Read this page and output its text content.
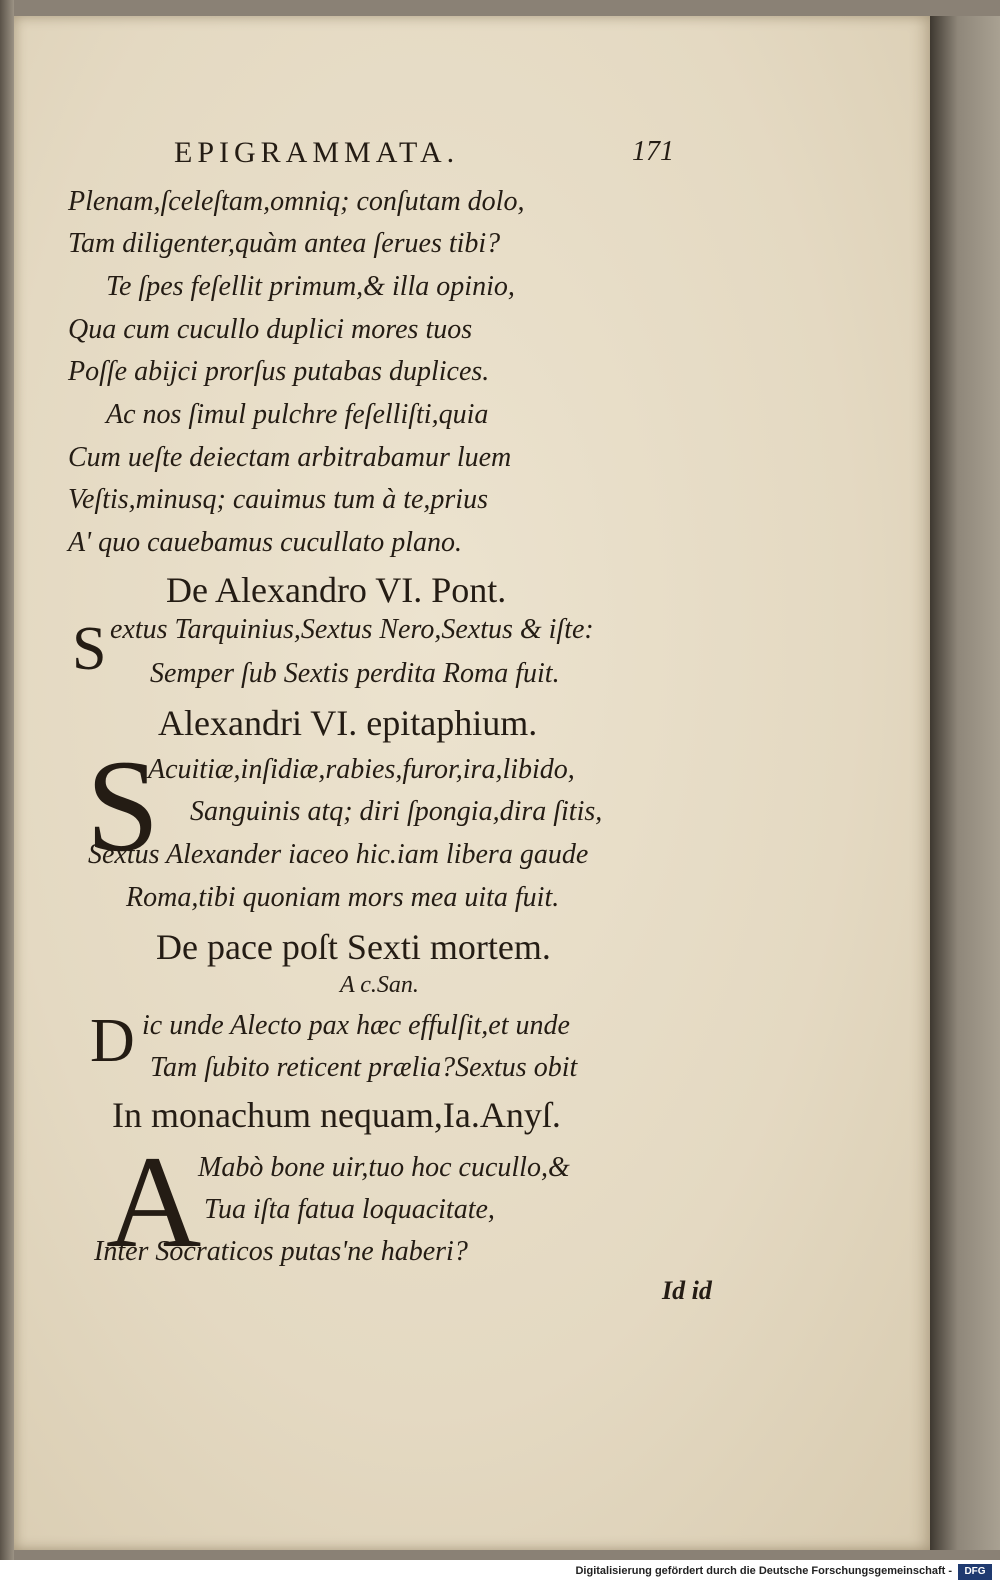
EPIGRAMMATA.	171
Plenam,ſceleſtam,omniq; conſutam dolo,
Tam diligenter,quàm antea ſerues tibi?
Te ſpes feſellit primum,& illa opinio,
Qua cum cucullo duplici mores tuos
Poſſe abijci prorſus putabas duplices.
Ac nos ſimul pulchre feſelliſti,quia
Cum ueſte deiectam arbitrabamur luem
Veſtis,minusq; cauimus tum à te,prius
A' quo cauebamus cucullato plano.
De Alexandro VI. Pont.
S extus Tarquinius,Sextus Nero,Sextus & iſte:
Semper ſub Sextis perdita Roma fuit.
Alexandri VI. epitaphium.
S
Acuitiæ,inſidiæ,rabies,furor,ira,libido,
Sanguinis atq; diri ſpongia,dira ſitis,
Sextus Alexander iaceo hic.iam libera gaude
Roma,tibi quoniam mors mea uita fuit.
De pace poſt Sexti mortem.
A c.San.
D ic unde Alecto pax hæc effulſit,et unde
Tam ſubito reticent prælia?Sextus obit
In monachum nequam,Ia.Anyſ.
A
Mabò bone uir,tuo hoc cucullo,&
Tua iſta fatua loquacitate,
Inter Socraticos putas'ne haberi?
Id id
Digitalisierung gefördert durch die Deutsche Forschungsgemeinschaft -	DFG
